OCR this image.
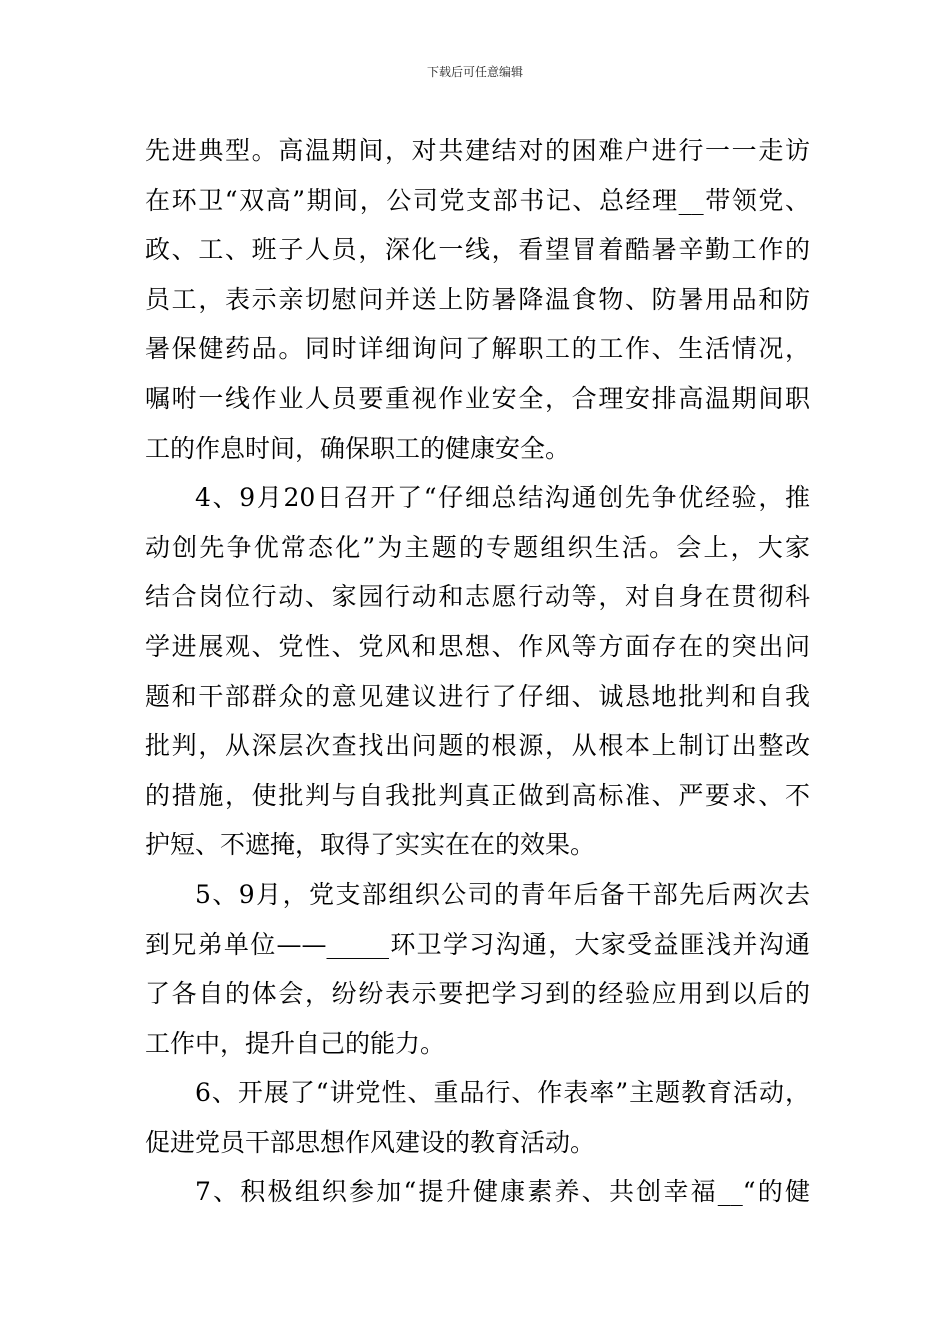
下载后可任意编辑
先进典型。高温期间，对共建结对的困难户进行一一走访
在环卫“双高”期间，公司党支部书记、总经理__带领党、
政、工、班子人员，深化一线，看望冒着酷暑辛勤工作的
员工，表示亲切慰问并送上防暑降温食物、防暑用品和防
暑保健药品。同时详细询问了解职工的工作、生活情况，
嘱咐一线作业人员要重视作业安全，合理安排高温期间职
工的作息时间，确保职工的健康安全。
4、9月20日召开了“仔细总结沟通创先争优经验，推
动创先争优常态化”为主题的专题组织生活。会上，大家
结合岗位行动、家园行动和志愿行动等，对自身在贯彻科
学进展观、党性、党风和思想、作风等方面存在的突出问
题和干部群众的意见建议进行了仔细、诚恳地批判和自我
批判，从深层次查找出问题的根源，从根本上制订出整改
的措施，使批判与自我批判真正做到高标准、严要求、不
护短、不遮掩，取得了实实在在的效果。
5、9月，党支部组织公司的青年后备干部先后两次去
到兄弟单位——_____环卫学习沟通，大家受益匪浅并沟通
了各自的体会，纷纷表示要把学习到的经验应用到以后的
工作中，提升自己的能力。
6、开展了“讲党性、重品行、作表率”主题教育活动，
促进党员干部思想作风建设的教育活动。
7、积极组织参加“提升健康素养、共创幸福__“的健
